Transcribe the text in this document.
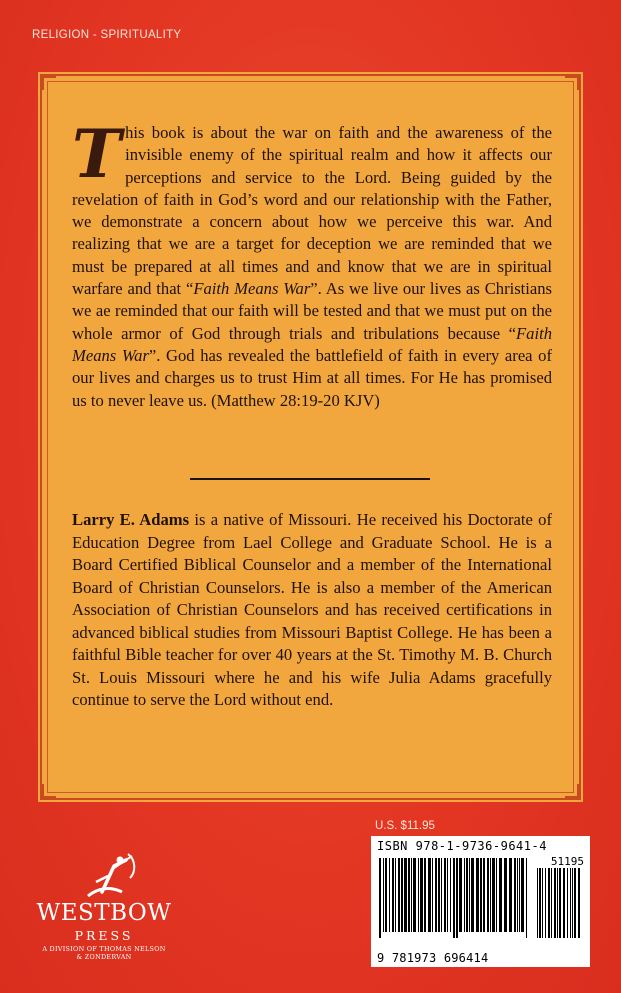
RELIGION - SPIRITUALITY
This book is about the war on faith and the awareness of the invisible enemy of the spiritual realm and how it affects our perceptions and service to the Lord. Being guided by the revelation of faith in God’s word and our relationship with the Father, we demonstrate a concern about how we perceive this war. And realizing that we are a target for deception we are reminded that we must be prepared at all times and and know that we are in spiritual warfare and that “Faith Means War”. As we live our lives as Christians we ae reminded that our faith will be tested and that we must put on the whole armor of God through trials and tribulations because “Faith Means War”. God has revealed the battlefield of faith in every area of our lives and charges us to trust Him at all times. For He has promised us to never leave us. (Matthew 28:19-20 KJV)
Larry E. Adams is a native of Missouri. He received his Doctorate of Education Degree from Lael College and Graduate School. He is a Board Certified Biblical Counselor and a member of the International Board of Christian Counselors. He is also a member of the American Association of Christian Counselors and has received certifications in advanced biblical studies from Missouri Baptist College. He has been a faithful Bible teacher for over 40 years at the St. Timothy M. B. Church St. Louis Missouri where he and his wife Julia Adams gracefully continue to serve the Lord without end.
WESTBOW
PRESS
A DIVISION OF THOMAS NELSON
& ZONDERVAN
U.S. $11.95
ISBN 978-1-9736-9641-4
51195
9 781973 696414
